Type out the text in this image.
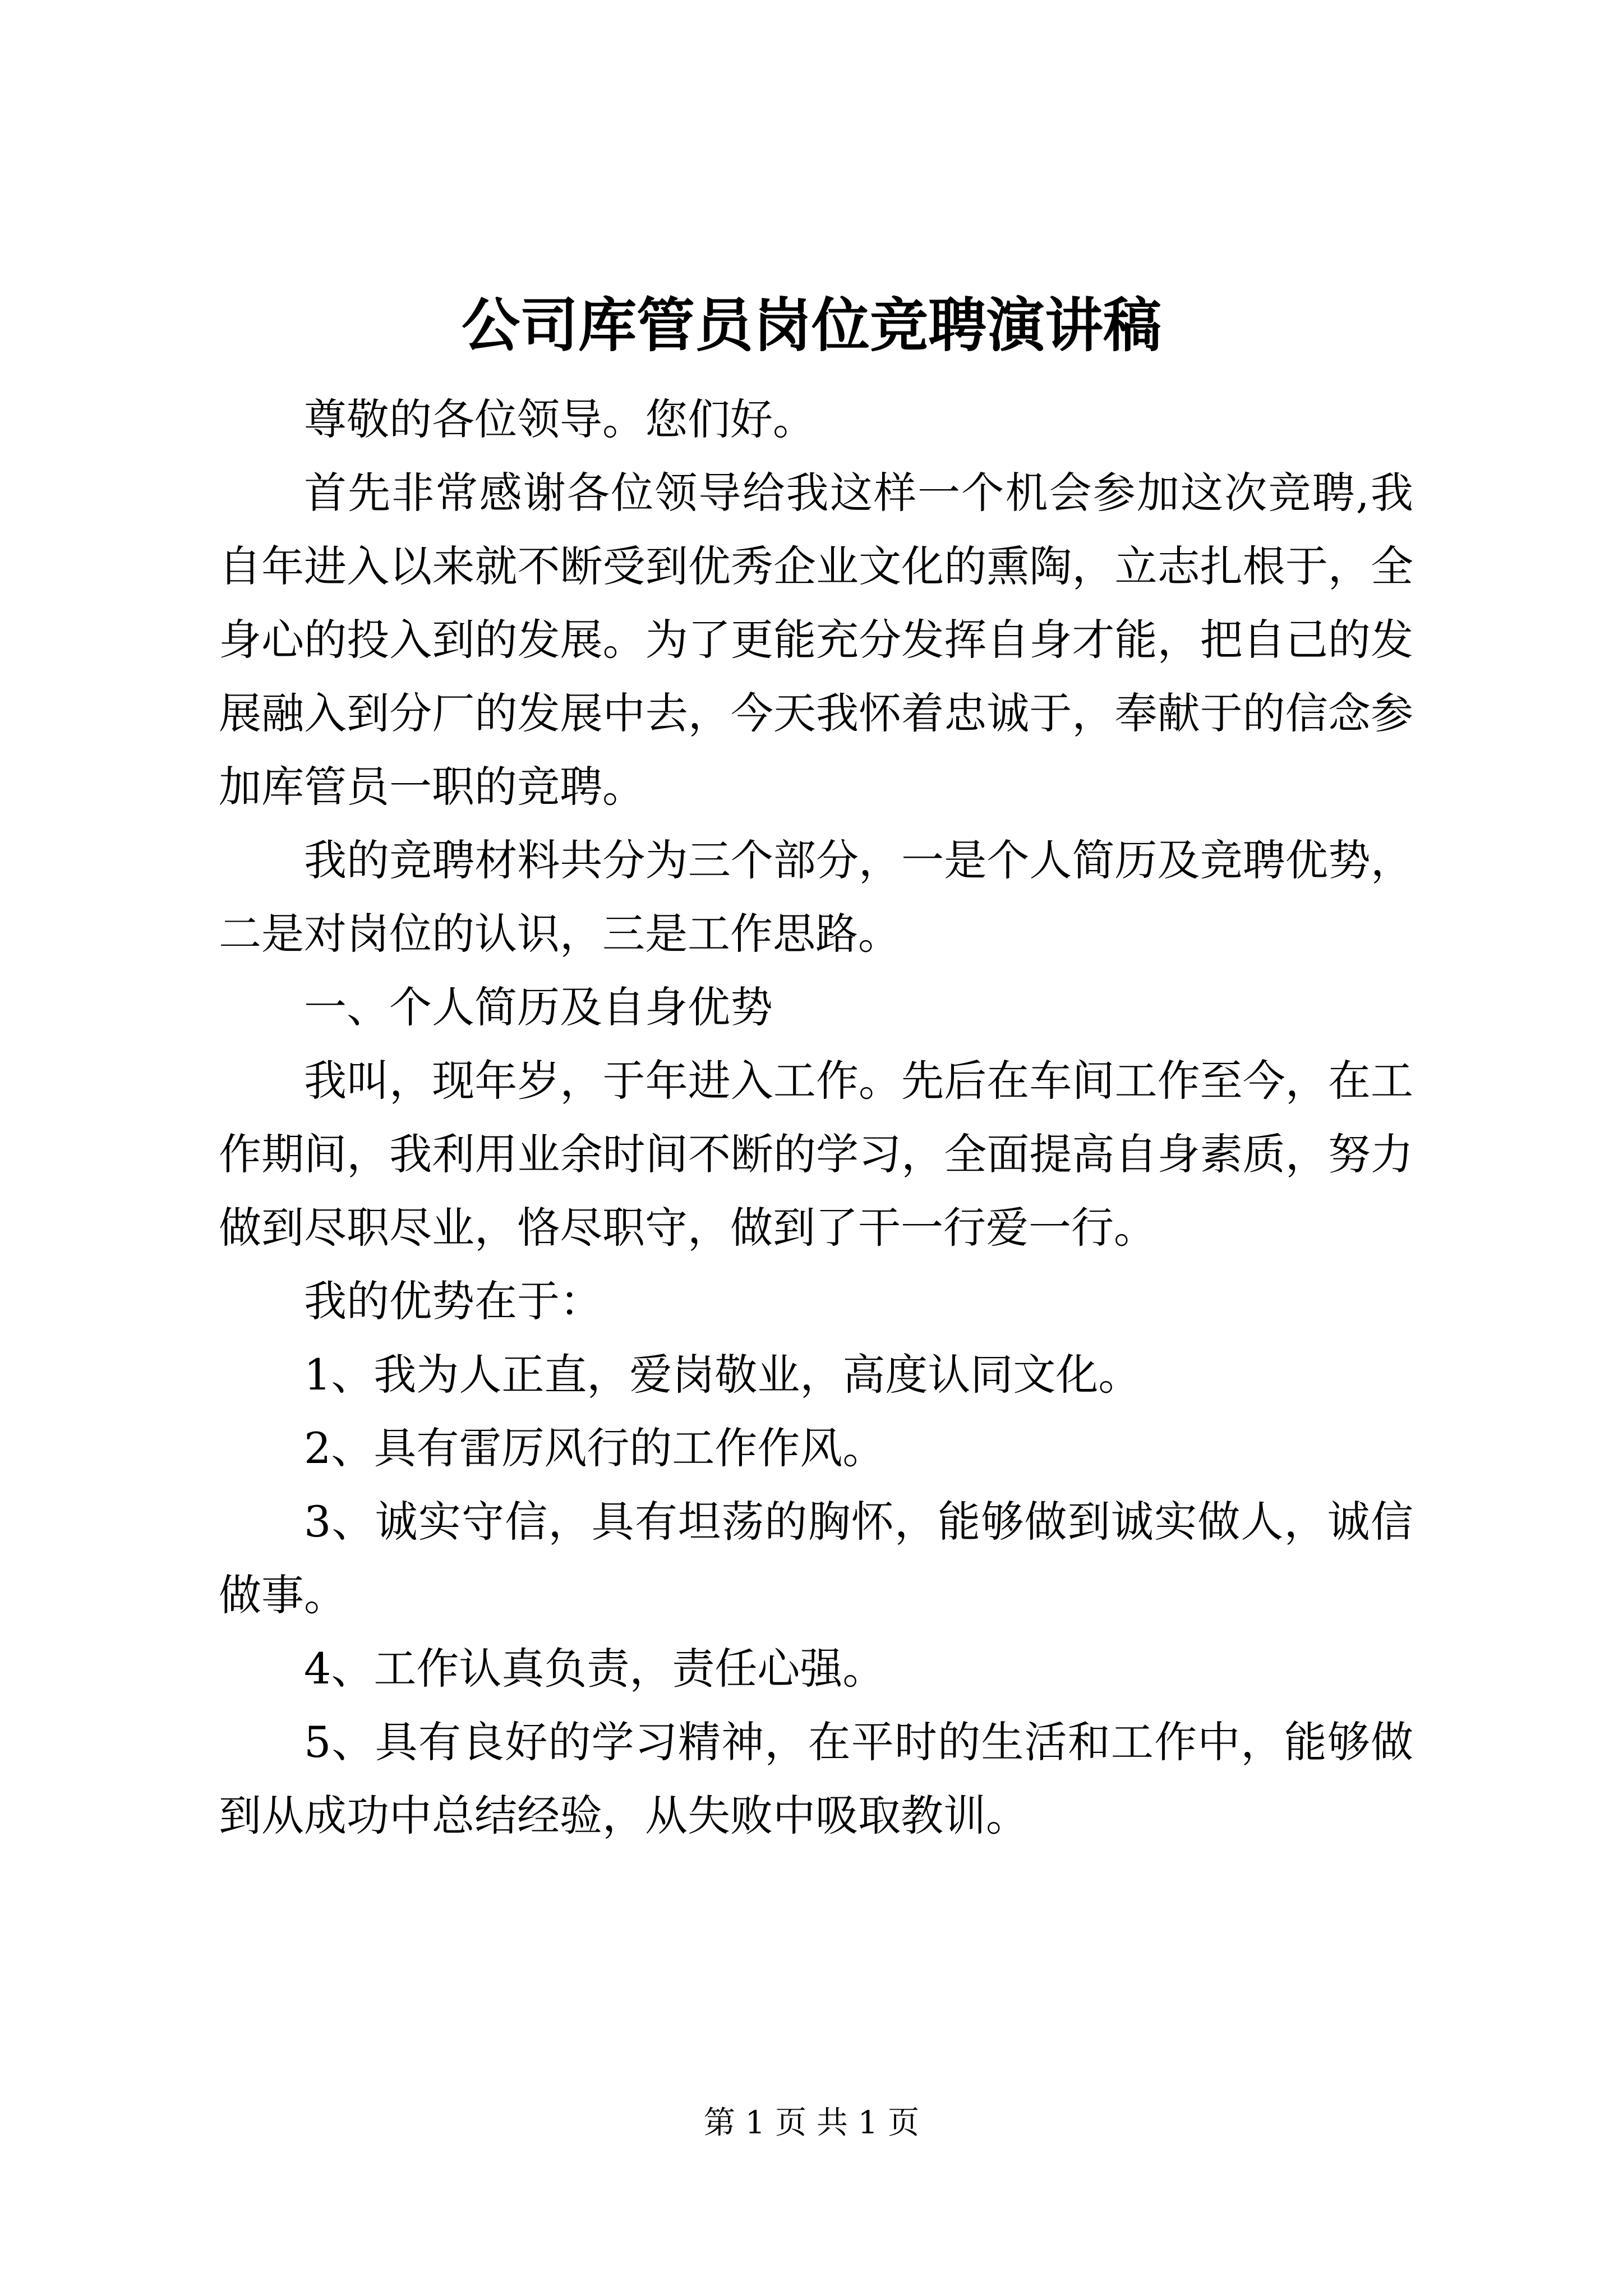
公司库管员岗位竞聘演讲稿

尊敬的各位领导。您们好。

首先非常感谢各位领导给我这样一个机会参加这次竞聘,我自年进入以来就不断受到优秀企业文化的熏陶，立志扎根于，全身心的投入到的发展。为了更能充分发挥自身才能，把自己的发展融入到分厂的发展中去，今天我怀着忠诚于，奉献于的信念参加库管员一职的竞聘。

我的竞聘材料共分为三个部分，一是个人简历及竞聘优势，二是对岗位的认识，三是工作思路。

一、个人简历及自身优势

我叫，现年岁，于年进入工作。先后在车间工作至今，在工作期间，我利用业余时间不断的学习，全面提高自身素质，努力做到尽职尽业，恪尽职守，做到了干一行爱一行。

我的优势在于：

1、我为人正直，爱岗敬业，高度认同文化。

2、具有雷厉风行的工作作风。

3、诚实守信，具有坦荡的胸怀，能够做到诚实做人，诚信做事。

4、工作认真负责，责任心强。

5、具有良好的学习精神，在平时的生活和工作中，能够做到从成功中总结经验，从失败中吸取教训。

第 1 页 共 1 页
